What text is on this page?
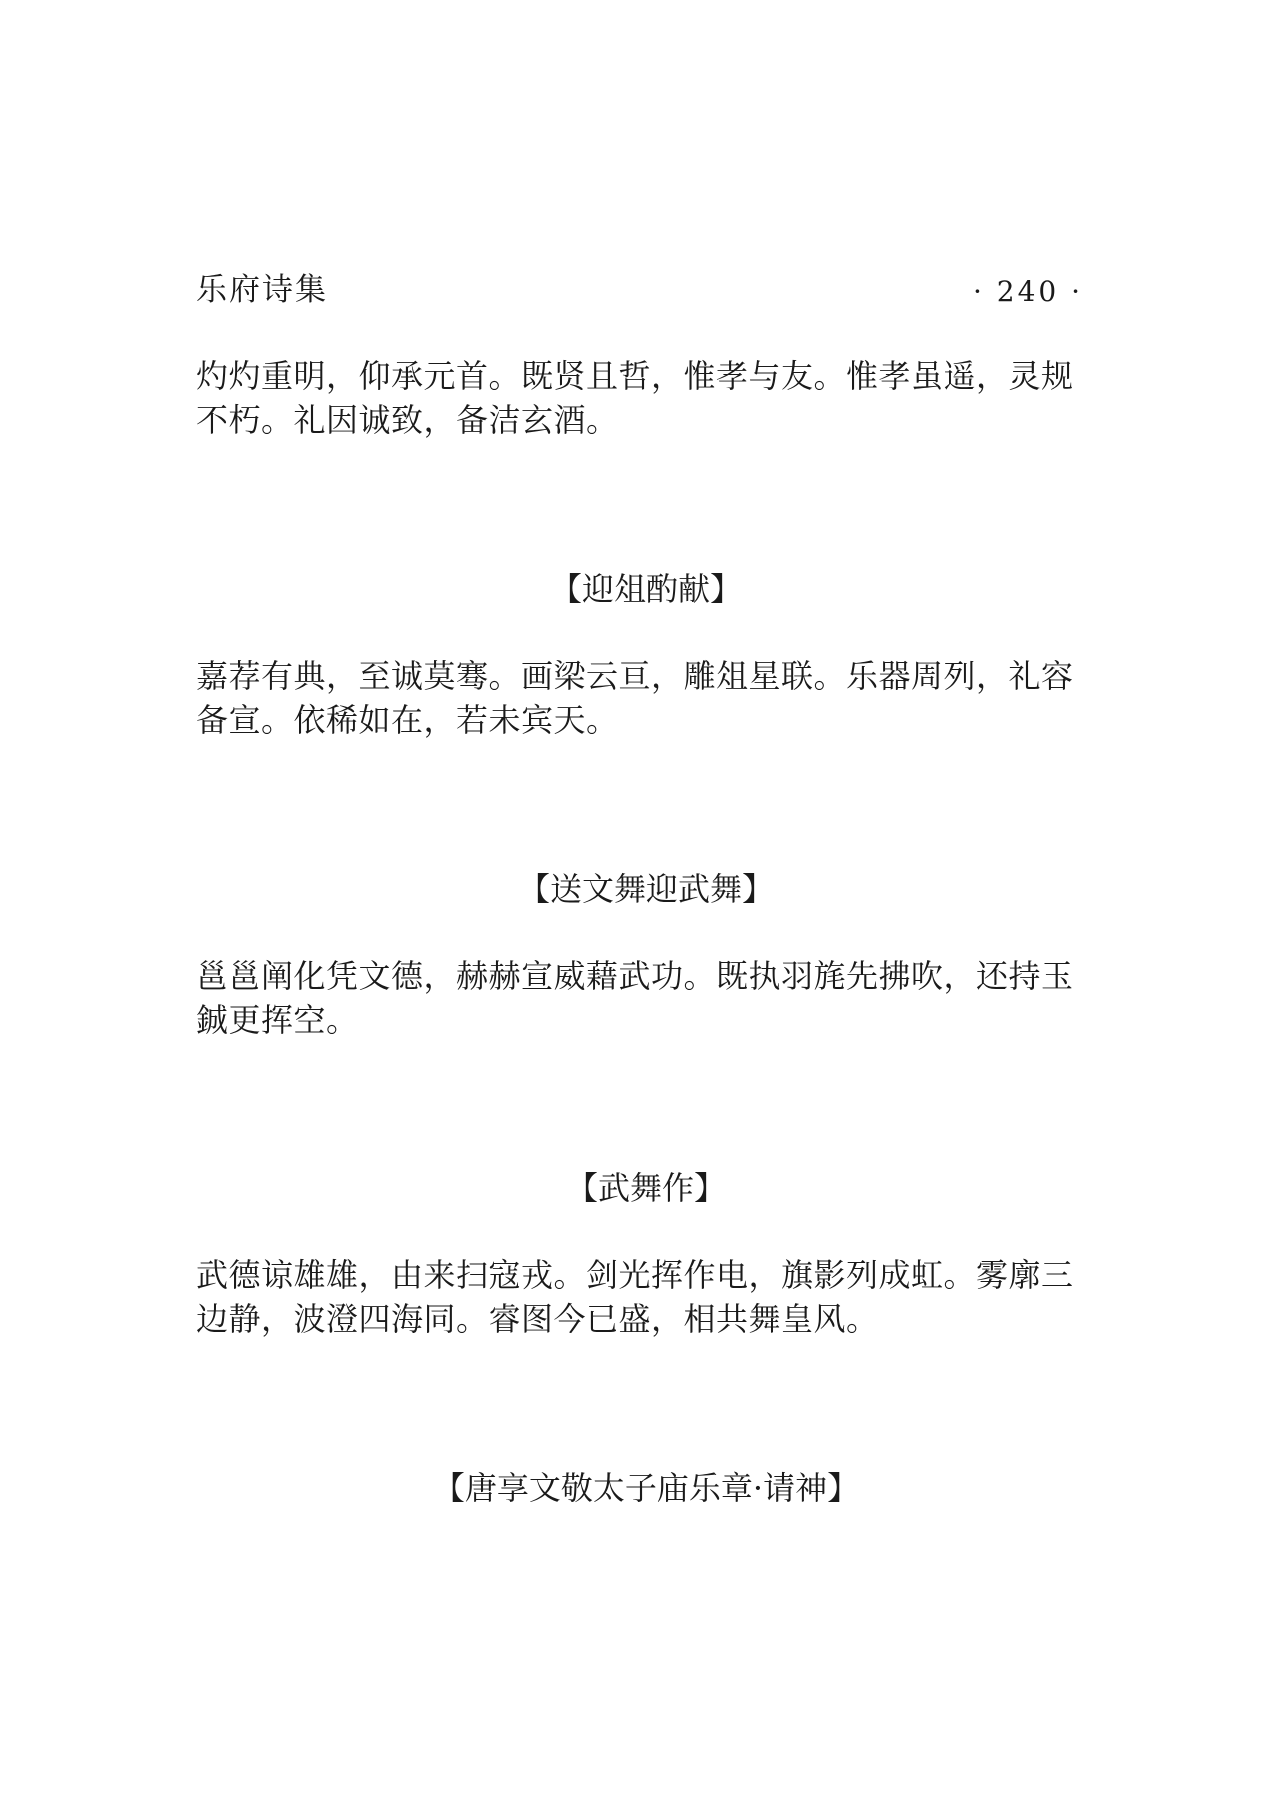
乐府诗集	· 240 ·
灼灼重明，仰承元首。既贤且哲，惟孝与友。惟孝虽遥，灵规不朽。礼因诚致，备洁玄酒。
【迎俎酌献】
嘉荐有典，至诚莫骞。画梁云亘，雕俎星联。乐器周列，礼容备宣。依稀如在，若未宾天。
【送文舞迎武舞】
邕邕阐化凭文德，赫赫宣威藉武功。既执羽旄先拂吹，还持玉鋮更挥空。
【武舞作】
武德谅雄雄，由来扫寇戎。剑光挥作电，旗影列成虹。雾廓三边静，波澄四海同。睿图今已盛，相共舞皇风。
【唐享文敬太子庙乐章·请神】
